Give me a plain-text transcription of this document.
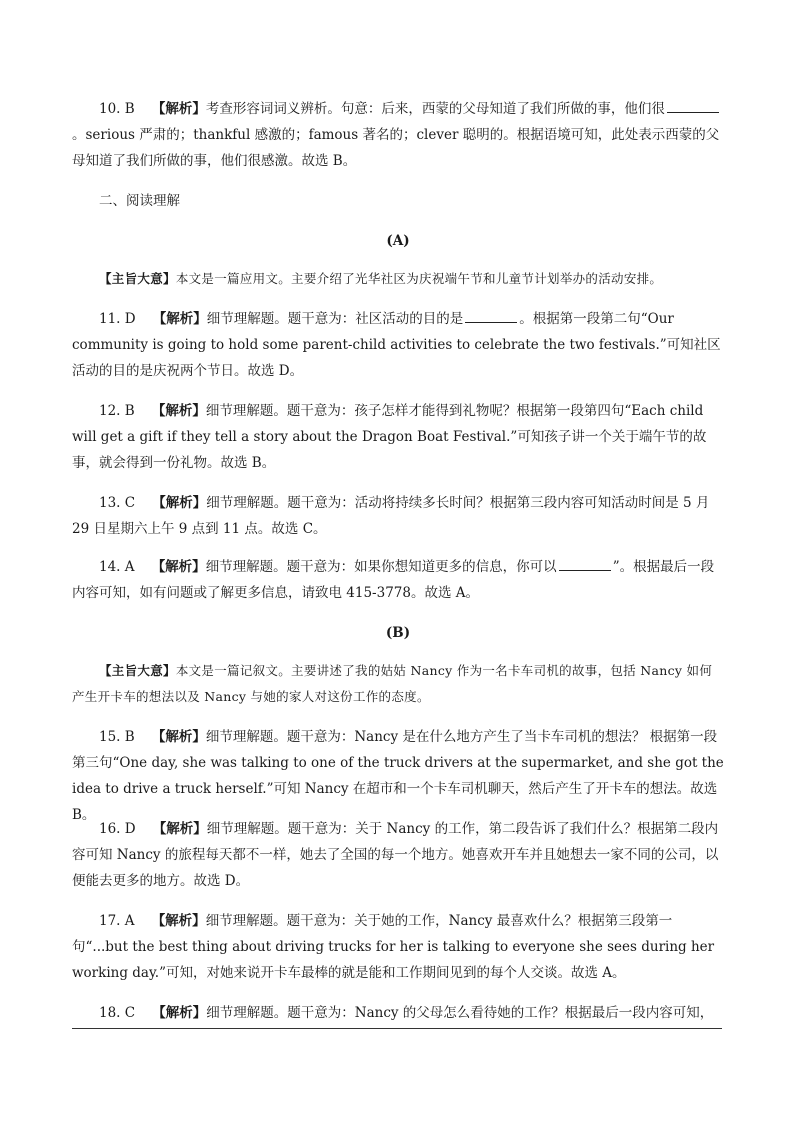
10. B 【解析】考查形容词词义辨析。句意：后来，西蒙的父母知道了我们所做的事，他们很。serious 严肃的；thankful 感激的；famous 著名的；clever 聪明的。根据语境可知，此处表示西蒙的父母知道了我们所做的事，他们很感激。故选 B。
二、阅读理解
(A)
【主旨大意】本文是一篇应用文。主要介绍了光华社区为庆祝端午节和儿童节计划举办的活动安排。
11. D 【解析】细节理解题。题干意为：社区活动的目的是	。根据第一段第二句“Our community is going to hold some parent-child activities to celebrate the two festivals.”可知社区活动的目的是庆祝两个节日。故选 D。
12. B 【解析】细节理解题。题干意为：孩子怎样才能得到礼物呢？根据第一段第四句“Each child will get a gift if they tell a story about the Dragon Boat Festival.”可知孩子讲一个关于端午节的故事，就会得到一份礼物。故选 B。
13. C 【解析】细节理解题。题干意为：活动将持续多长时间？根据第三段内容可知活动时间是 5 月 29 日星期六上午 9 点到 11 点。故选 C。
14. A 【解析】细节理解题。题干意为：如果你想知道更多的信息，你可以	”。根据最后一段内容可知，如有问题或了解更多信息，请致电 415-3778。故选 A。
(B)
【主旨大意】本文是一篇记叙文。主要讲述了我的姑姑 Nancy 作为一名卡车司机的故事，包括 Nancy 如何产生开卡车的想法以及 Nancy 与她的家人对这份工作的态度。
15. B 【解析】细节理解题。题干意为：Nancy 是在什么地方产生了当卡车司机的想法？ 根据第一段第三句“One day, she was talking to one of the truck drivers at the supermarket, and she got the idea to drive a truck herself.”可知 Nancy 在超市和一个卡车司机聊天，然后产生了开卡车的想法。故选 B。
16. D 【解析】细节理解题。题干意为：关于 Nancy 的工作，第二段告诉了我们什么？根据第二段内容可知 Nancy 的旅程每天都不一样，她去了全国的每一个地方。她喜欢开车并且她想去一家不同的公司，以便能去更多的地方。故选 D。
17. A 【解析】细节理解题。题干意为：关于她的工作，Nancy 最喜欢什么？根据第三段第一句“...but the best thing about driving trucks for her is talking to everyone she sees during her working day.”可知，对她来说开卡车最棒的就是能和工作期间见到的每个人交谈。故选 A。
18. C 【解析】细节理解题。题干意为：Nancy 的父母怎么看待她的工作？根据最后一段内容可知，
